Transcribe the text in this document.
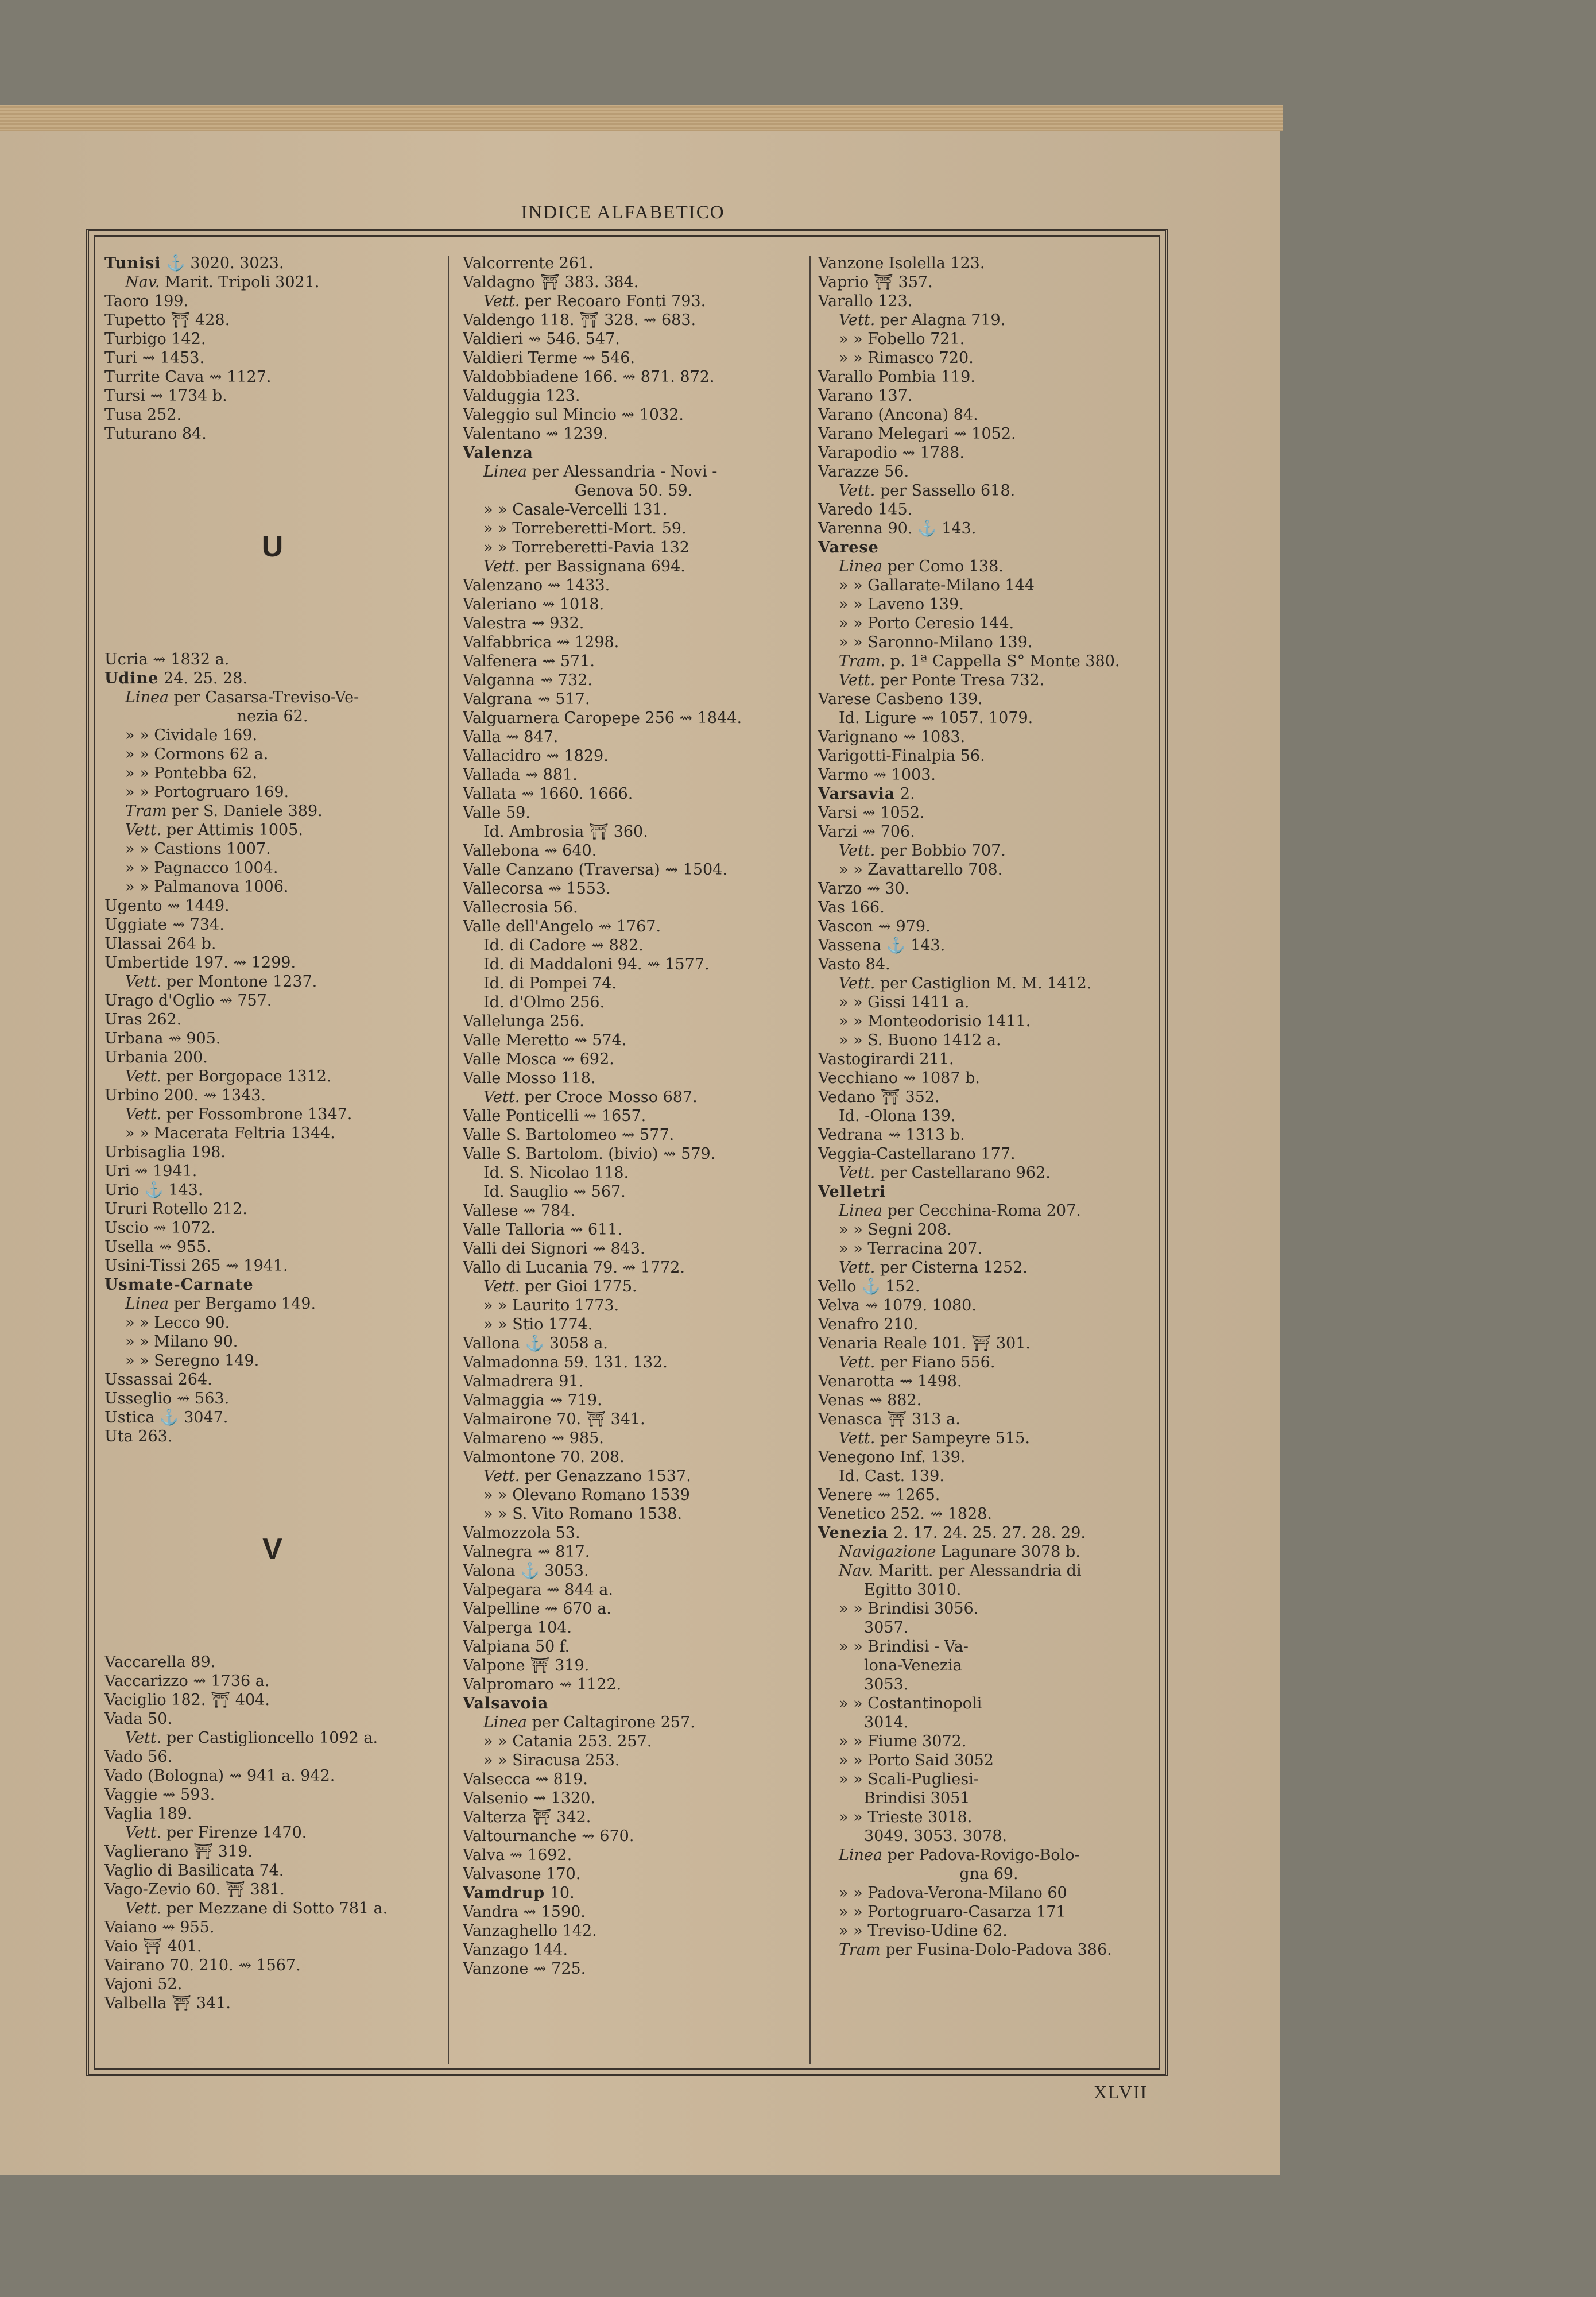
INDICE ALFABETICO
Tunisi ⚓ 3020. 3023.
Nav. Marit. Tripoli 3021.
Taoro 199.
Tupetto ⛩ 428.
Turbigo 142.
Turi ⇝ 1453.
Turrite Cava ⇝ 1127.
Tursi ⇝ 1734 b.
Tusa 252.
Tuturano 84.
U
Ucria ⇝ 1832 a.
Udine 24. 25. 28.
Linea per Casarsa-Treviso-Ve-
nezia 62.
» » Cividale 169.
» » Cormons 62 a.
» » Pontebba 62.
» » Portogruaro 169.
Tram per S. Daniele 389.
Vett. per Attimis 1005.
» » Castions 1007.
» » Pagnacco 1004.
» » Palmanova 1006.
Ugento ⇝ 1449.
Uggiate ⇝ 734.
Ulassai 264 b.
Umbertide 197. ⇝ 1299.
Vett. per Montone 1237.
Urago d'Oglio ⇝ 757.
Uras 262.
Urbana ⇝ 905.
Urbania 200.
Vett. per Borgopace 1312.
Urbino 200. ⇝ 1343.
Vett. per Fossombrone 1347.
» » Macerata Feltria 1344.
Urbisaglia 198.
Uri ⇝ 1941.
Urio ⚓ 143.
Ururi Rotello 212.
Uscio ⇝ 1072.
Usella ⇝ 955.
Usini-Tissi 265 ⇝ 1941.
Usmate-Carnate
Linea per Bergamo 149.
» » Lecco 90.
» » Milano 90.
» » Seregno 149.
Ussassai 264.
Usseglio ⇝ 563.
Ustica ⚓ 3047.
Uta 263.
V
Vaccarella 89.
Vaccarizzo ⇝ 1736 a.
Vaciglio 182. ⛩ 404.
Vada 50.
Vett. per Castiglioncello 1092 a.
Vado 56.
Vado (Bologna) ⇝ 941 a. 942.
Vaggie ⇝ 593.
Vaglia 189.
Vett. per Firenze 1470.
Vaglierano ⛩ 319.
Vaglio di Basilicata 74.
Vago-Zevio 60. ⛩ 381.
Vett. per Mezzane di Sotto 781 a.
Vaiano ⇝ 955.
Vaio ⛩ 401.
Vairano 70. 210. ⇝ 1567.
Vajoni 52.
Valbella ⛩ 341.
Valcorrente 261.
Valdagno ⛩ 383. 384.
Vett. per Recoaro Fonti 793.
Valdengo 118. ⛩ 328. ⇝ 683.
Valdieri ⇝ 546. 547.
Valdieri Terme ⇝ 546.
Valdobbiadene 166. ⇝ 871. 872.
Valduggia 123.
Valeggio sul Mincio ⇝ 1032.
Valentano ⇝ 1239.
Valenza
Linea per Alessandria - Novi -
Genova 50. 59.
» » Casale-Vercelli 131.
» » Torreberetti-Mort. 59.
» » Torreberetti-Pavia 132
Vett. per Bassignana 694.
Valenzano ⇝ 1433.
Valeriano ⇝ 1018.
Valestra ⇝ 932.
Valfabbrica ⇝ 1298.
Valfenera ⇝ 571.
Valganna ⇝ 732.
Valgrana ⇝ 517.
Valguarnera Caropepe 256 ⇝ 1844.
Valla ⇝ 847.
Vallacidro ⇝ 1829.
Vallada ⇝ 881.
Vallata ⇝ 1660. 1666.
Valle 59.
Id. Ambrosia ⛩ 360.
Vallebona ⇝ 640.
Valle Canzano (Traversa) ⇝ 1504.
Vallecorsa ⇝ 1553.
Vallecrosia 56.
Valle dell'Angelo ⇝ 1767.
Id. di Cadore ⇝ 882.
Id. di Maddaloni 94. ⇝ 1577.
Id. di Pompei 74.
Id. d'Olmo 256.
Vallelunga 256.
Valle Meretto ⇝ 574.
Valle Mosca ⇝ 692.
Valle Mosso 118.
Vett. per Croce Mosso 687.
Valle Ponticelli ⇝ 1657.
Valle S. Bartolomeo ⇝ 577.
Valle S. Bartolom. (bivio) ⇝ 579.
Id. S. Nicolao 118.
Id. Sauglio ⇝ 567.
Vallese ⇝ 784.
Valle Talloria ⇝ 611.
Valli dei Signori ⇝ 843.
Vallo di Lucania 79. ⇝ 1772.
Vett. per Gioi 1775.
» » Laurito 1773.
» » Stio 1774.
Vallona ⚓ 3058 a.
Valmadonna 59. 131. 132.
Valmadrera 91.
Valmaggia ⇝ 719.
Valmairone 70. ⛩ 341.
Valmareno ⇝ 985.
Valmontone 70. 208.
Vett. per Genazzano 1537.
» » Olevano Romano 1539
» » S. Vito Romano 1538.
Valmozzola 53.
Valnegra ⇝ 817.
Valona ⚓ 3053.
Valpegara ⇝ 844 a.
Valpelline ⇝ 670 a.
Valperga 104.
Valpiana 50 f.
Valpone ⛩ 319.
Valpromaro ⇝ 1122.
Valsavoia
Linea per Caltagirone 257.
» » Catania 253. 257.
» » Siracusa 253.
Valsecca ⇝ 819.
Valsenio ⇝ 1320.
Valterza ⛩ 342.
Valtournanche ⇝ 670.
Valva ⇝ 1692.
Valvasone 170.
Vamdrup 10.
Vandra ⇝ 1590.
Vanzaghello 142.
Vanzago 144.
Vanzone ⇝ 725.
Vanzone Isolella 123.
Vaprio ⛩ 357.
Varallo 123.
Vett. per Alagna 719.
» » Fobello 721.
» » Rimasco 720.
Varallo Pombia 119.
Varano 137.
Varano (Ancona) 84.
Varano Melegari ⇝ 1052.
Varapodio ⇝ 1788.
Varazze 56.
Vett. per Sassello 618.
Varedo 145.
Varenna 90. ⚓ 143.
Varese
Linea per Como 138.
» » Gallarate-Milano 144
» » Laveno 139.
» » Porto Ceresio 144.
» » Saronno-Milano 139.
Tram. p. 1ª Cappella S° Monte 380.
Vett. per Ponte Tresa 732.
Varese Casbeno 139.
Id. Ligure ⇝ 1057. 1079.
Varignano ⇝ 1083.
Varigotti-Finalpia 56.
Varmo ⇝ 1003.
Varsavia 2.
Varsi ⇝ 1052.
Varzi ⇝ 706.
Vett. per Bobbio 707.
» » Zavattarello 708.
Varzo ⇝ 30.
Vas 166.
Vascon ⇝ 979.
Vassena ⚓ 143.
Vasto 84.
Vett. per Castiglion M. M. 1412.
» » Gissi 1411 a.
» » Monteodorisio 1411.
» » S. Buono 1412 a.
Vastogirardi 211.
Vecchiano ⇝ 1087 b.
Vedano ⛩ 352.
Id. -Olona 139.
Vedrana ⇝ 1313 b.
Veggia-Castellarano 177.
Vett. per Castellarano 962.
Velletri
Linea per Cecchina-Roma 207.
» » Segni 208.
» » Terracina 207.
Vett. per Cisterna 1252.
Vello ⚓ 152.
Velva ⇝ 1079. 1080.
Venafro 210.
Venaria Reale 101. ⛩ 301.
Vett. per Fiano 556.
Venarotta ⇝ 1498.
Venas ⇝ 882.
Venasca ⛩ 313 a.
Vett. per Sampeyre 515.
Venegono Inf. 139.
Id. Cast. 139.
Venere ⇝ 1265.
Venetico 252. ⇝ 1828.
Venezia 2. 17. 24. 25. 27. 28. 29.
Navigazione Lagunare 3078 b.
Nav. Maritt. per Alessandria di
Egitto 3010.
» » Brindisi 3056.
3057.
» » Brindisi - Va-
lona-Venezia
3053.
» » Costantinopoli
3014.
» » Fiume 3072.
» » Porto Said 3052
» » Scali-Pugliesi-
Brindisi 3051
» » Trieste 3018.
3049. 3053. 3078.
Linea per Padova-Rovigo-Bolo-
gna 69.
» » Padova-Verona-Milano 60
» » Portogruaro-Casarza 171
» » Treviso-Udine 62.
Tram per Fusina-Dolo-Padova 386.
XLVII
